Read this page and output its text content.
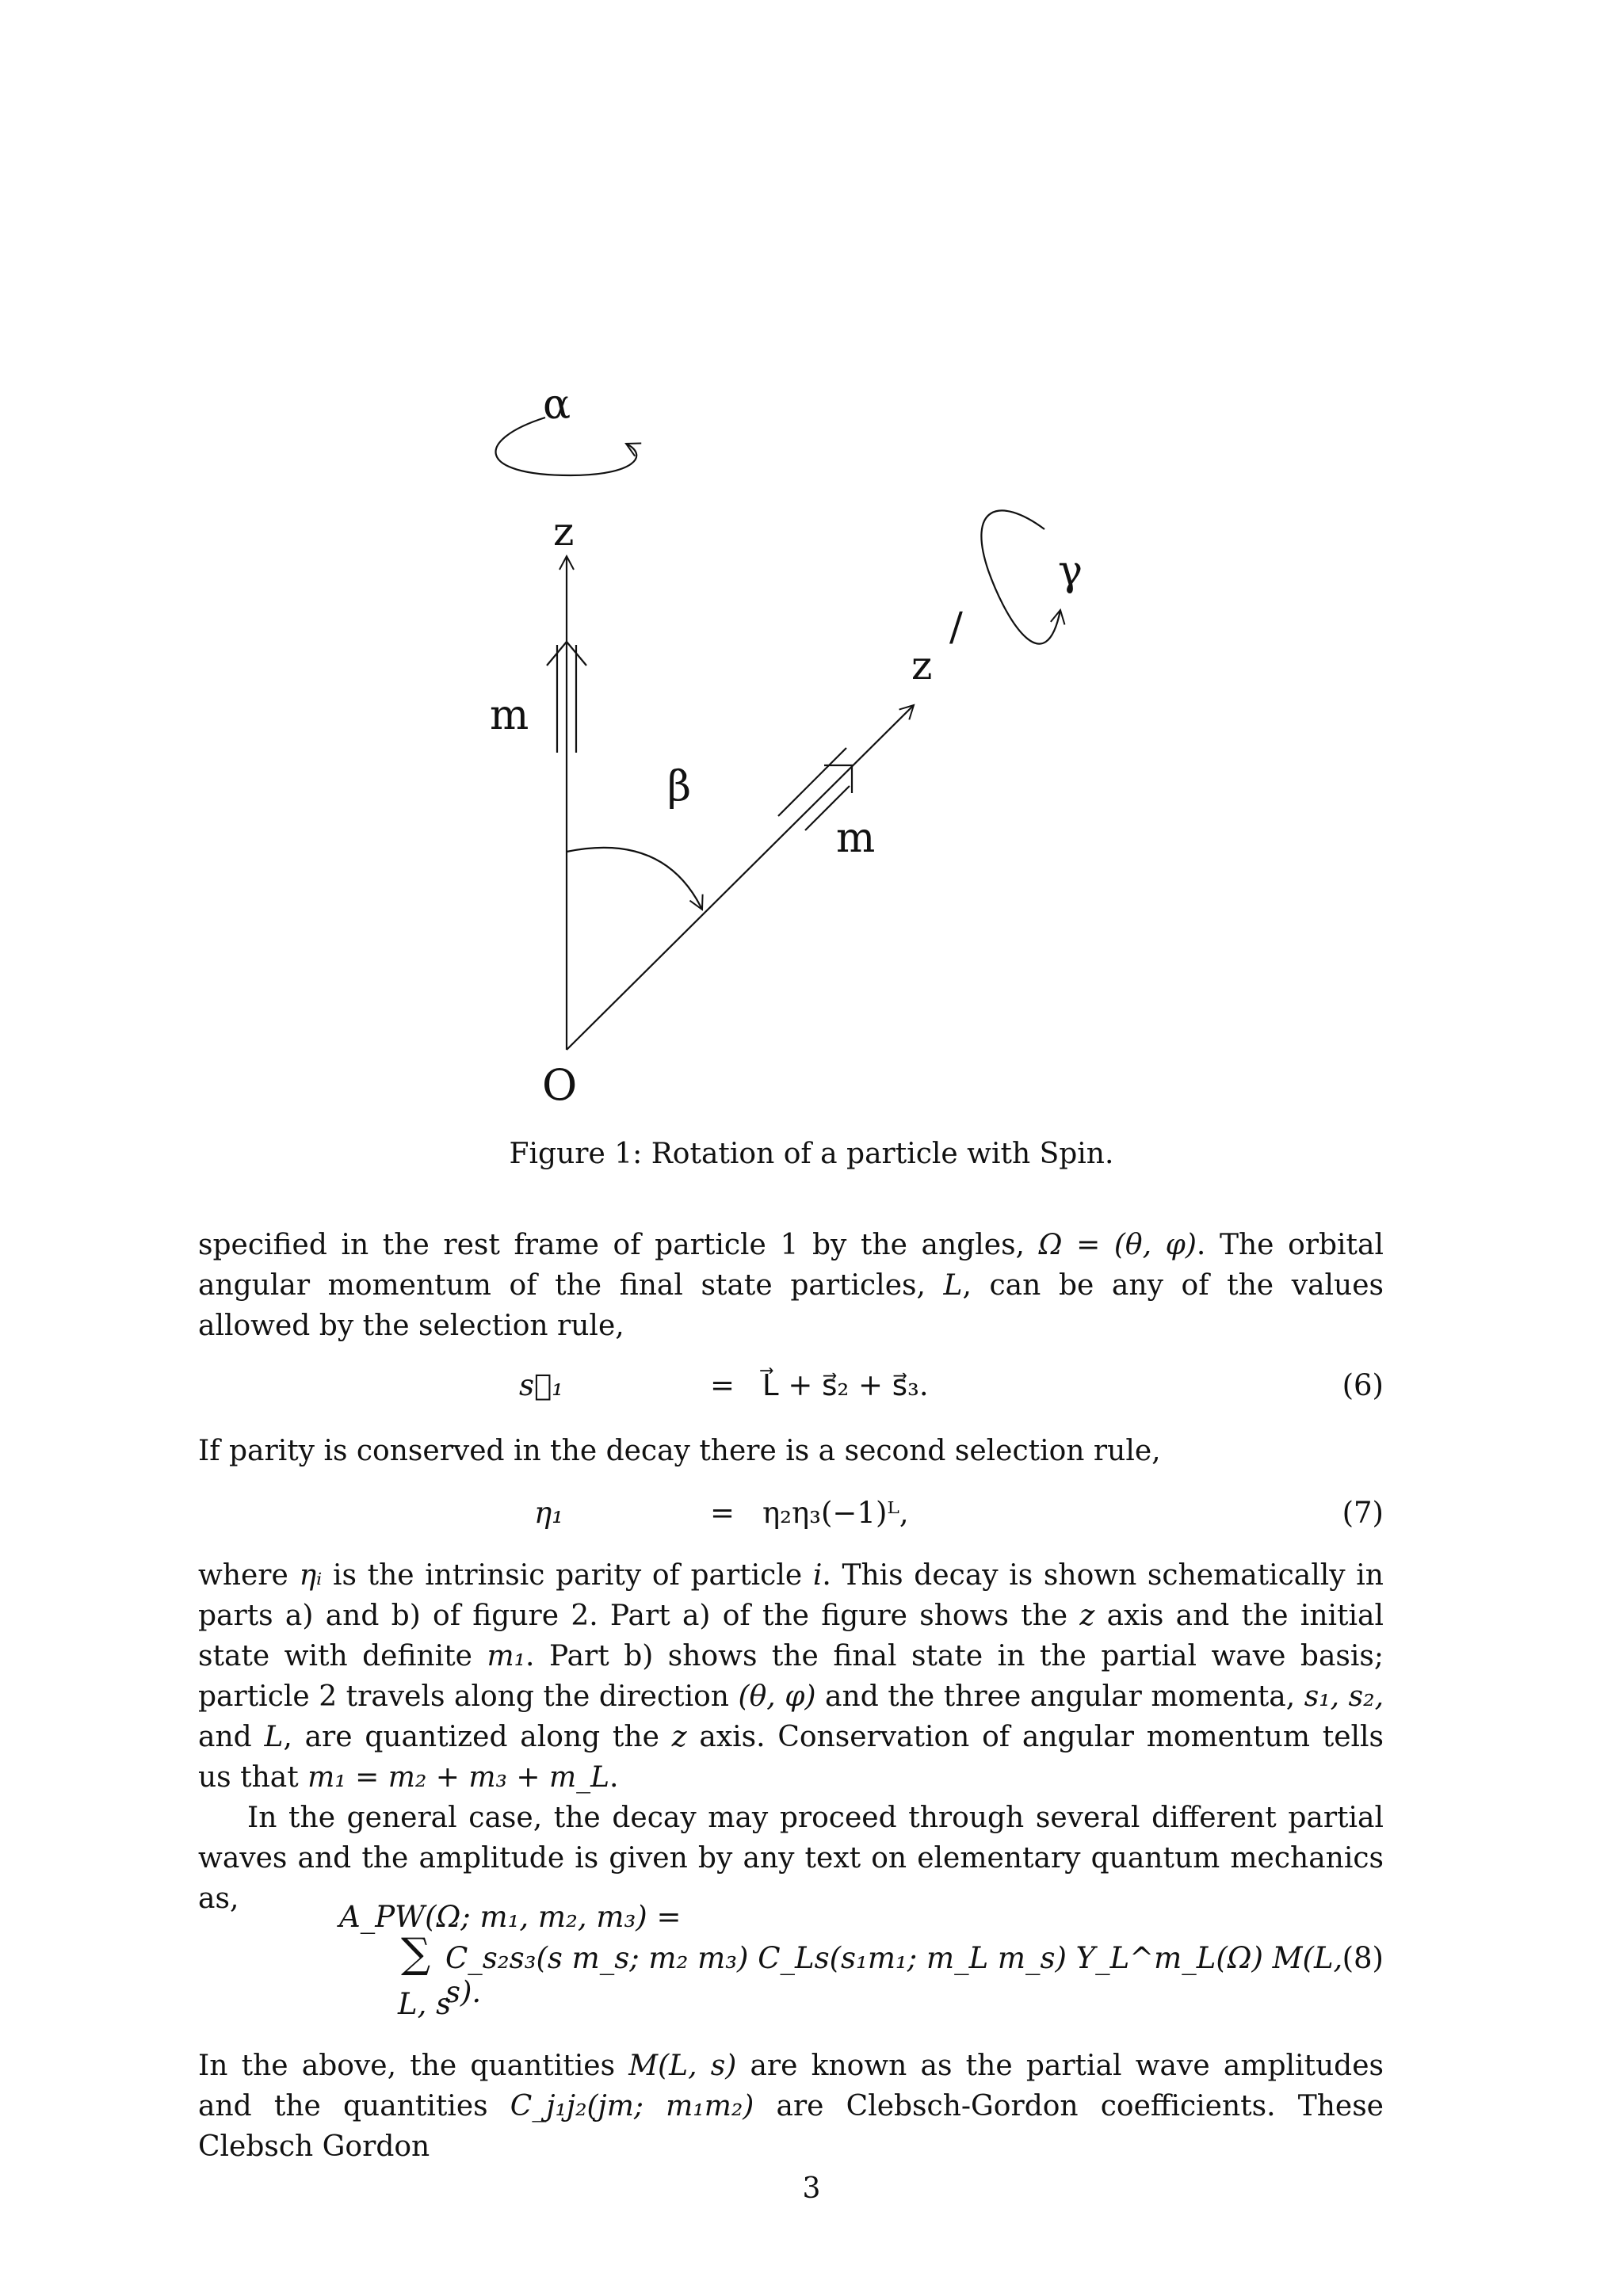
α
z
m
β
z
/
γ
m
O
Figure 1: Rotation of a particle with Spin.

specified in the rest frame of particle 1 by the angles, Ω = (θ, φ). The orbital angular momentum of the final state particles, L, can be any of the values allowed by the selection rule,

s⃗₁	= L⃗ + s⃗₂ + s⃗₃.	(6)

If parity is conserved in the decay there is a second selection rule,

η₁	= η₂η₃(−1)ᴸ,	(7)

where ηᵢ is the intrinsic parity of particle i. This decay is shown schematically in parts a) and b) of figure 2. Part a) of the figure shows the z axis and the initial state with definite m₁. Part b) shows the final state in the partial wave basis; particle 2 travels along the direction (θ, φ) and the three angular momenta, s₁, s₂, and L, are quantized along the z axis. Conservation of angular momentum tells us that m₁ = m₂ + m₃ + m_L.

In the general case, the decay may proceed through several different partial waves and the amplitude is given by any text on elementary quantum mechanics as,

A_PW(Ω; m₁, m₂, m₃) =
∑ C_s₂s₃(s m_s; m₂ m₃) C_Ls(s₁m₁; m_L m_s) Y_L^m_L(Ω) M(L, s).
L, s
(8)

In the above, the quantities M(L, s) are known as the partial wave amplitudes and the quantities C_j₁j₂(jm; m₁m₂) are Clebsch-Gordon coefficients. These Clebsch Gordon

3
